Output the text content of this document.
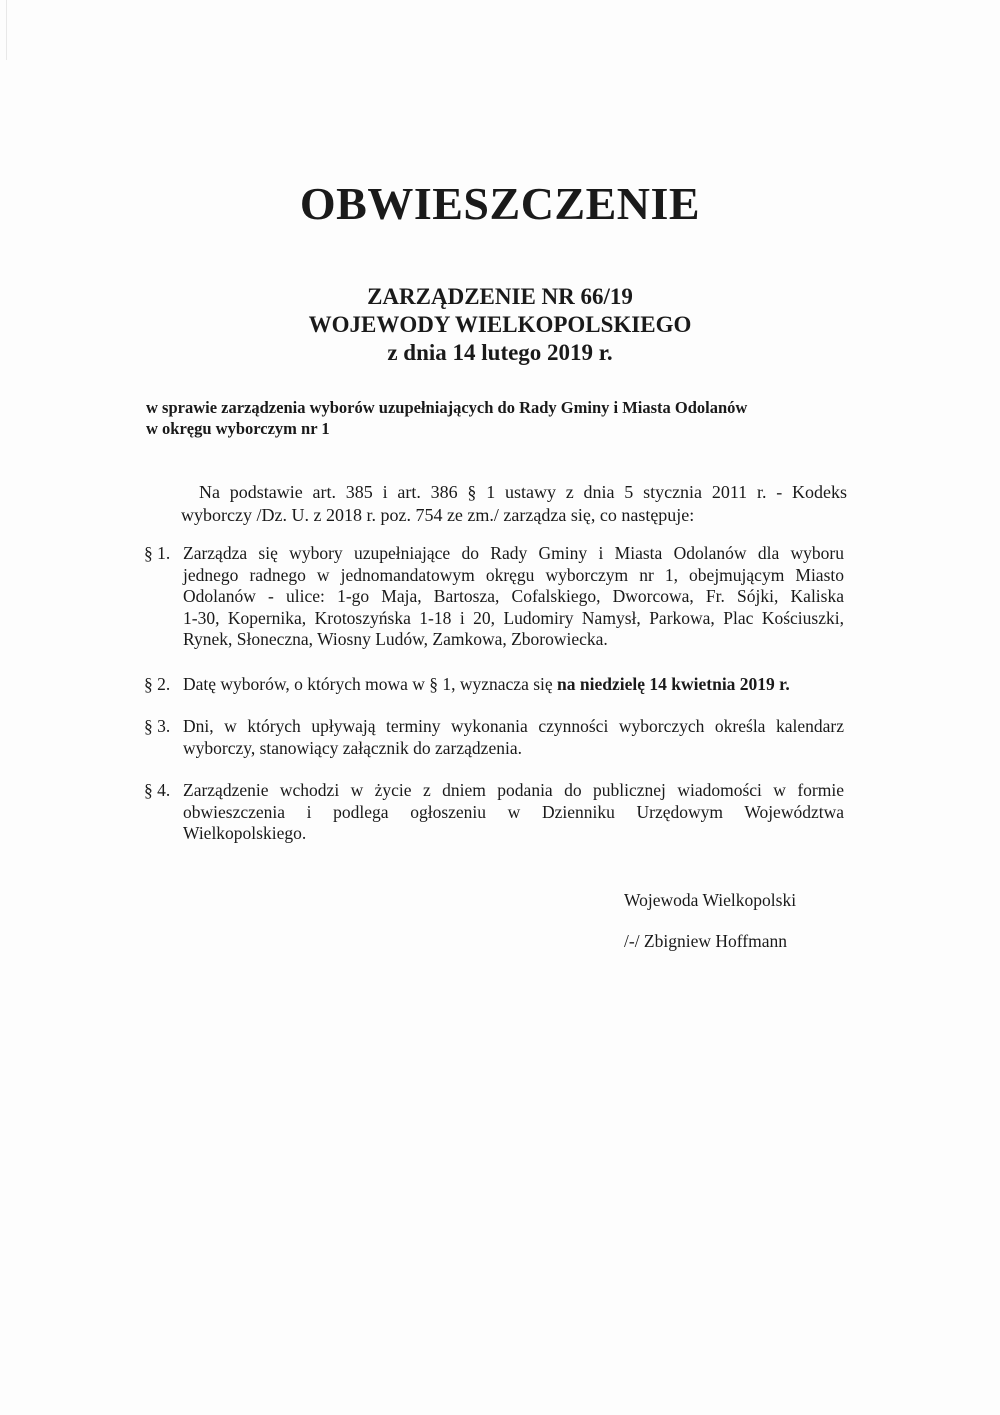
OBWIESZCZENIE
ZARZĄDZENIE NR 66/19
WOJEWODY WIELKOPOLSKIEGO
z dnia 14 lutego 2019 r.
w sprawie zarządzenia wyborów uzupełniających do Rady Gminy i Miasta Odolanów
w okręgu wyborczym nr 1
Na podstawie art. 385 i art. 386 § 1 ustawy z dnia 5 stycznia 2011 r. - Kodeks
wyborczy /Dz. U. z 2018 r. poz. 754 ze zm./ zarządza się, co następuje:
§ 1. Zarządza się wybory uzupełniające do Rady Gminy i Miasta Odolanów dla wyboru
jednego radnego w jednomandatowym okręgu wyborczym nr 1, obejmującym Miasto
Odolanów - ulice: 1-go Maja, Bartosza, Cofalskiego, Dworcowa, Fr. Sójki, Kaliska
1-30, Kopernika, Krotoszyńska 1-18 i 20, Ludomiry Namysł, Parkowa, Plac Kościuszki,
Rynek, Słoneczna, Wiosny Ludów, Zamkowa, Zborowiecka.
§ 2. Datę wyborów, o których mowa w § 1, wyznacza się na niedzielę 14 kwietnia 2019 r.
§ 3. Dni, w których upływają terminy wykonania czynności wyborczych określa kalendarz
wyborczy, stanowiący załącznik do zarządzenia.
§ 4. Zarządzenie wchodzi w życie z dniem podania do publicznej wiadomości w formie
obwieszczenia i podlega ogłoszeniu w Dzienniku Urzędowym Województwa
Wielkopolskiego.
Wojewoda Wielkopolski
/-/ Zbigniew Hoffmann
